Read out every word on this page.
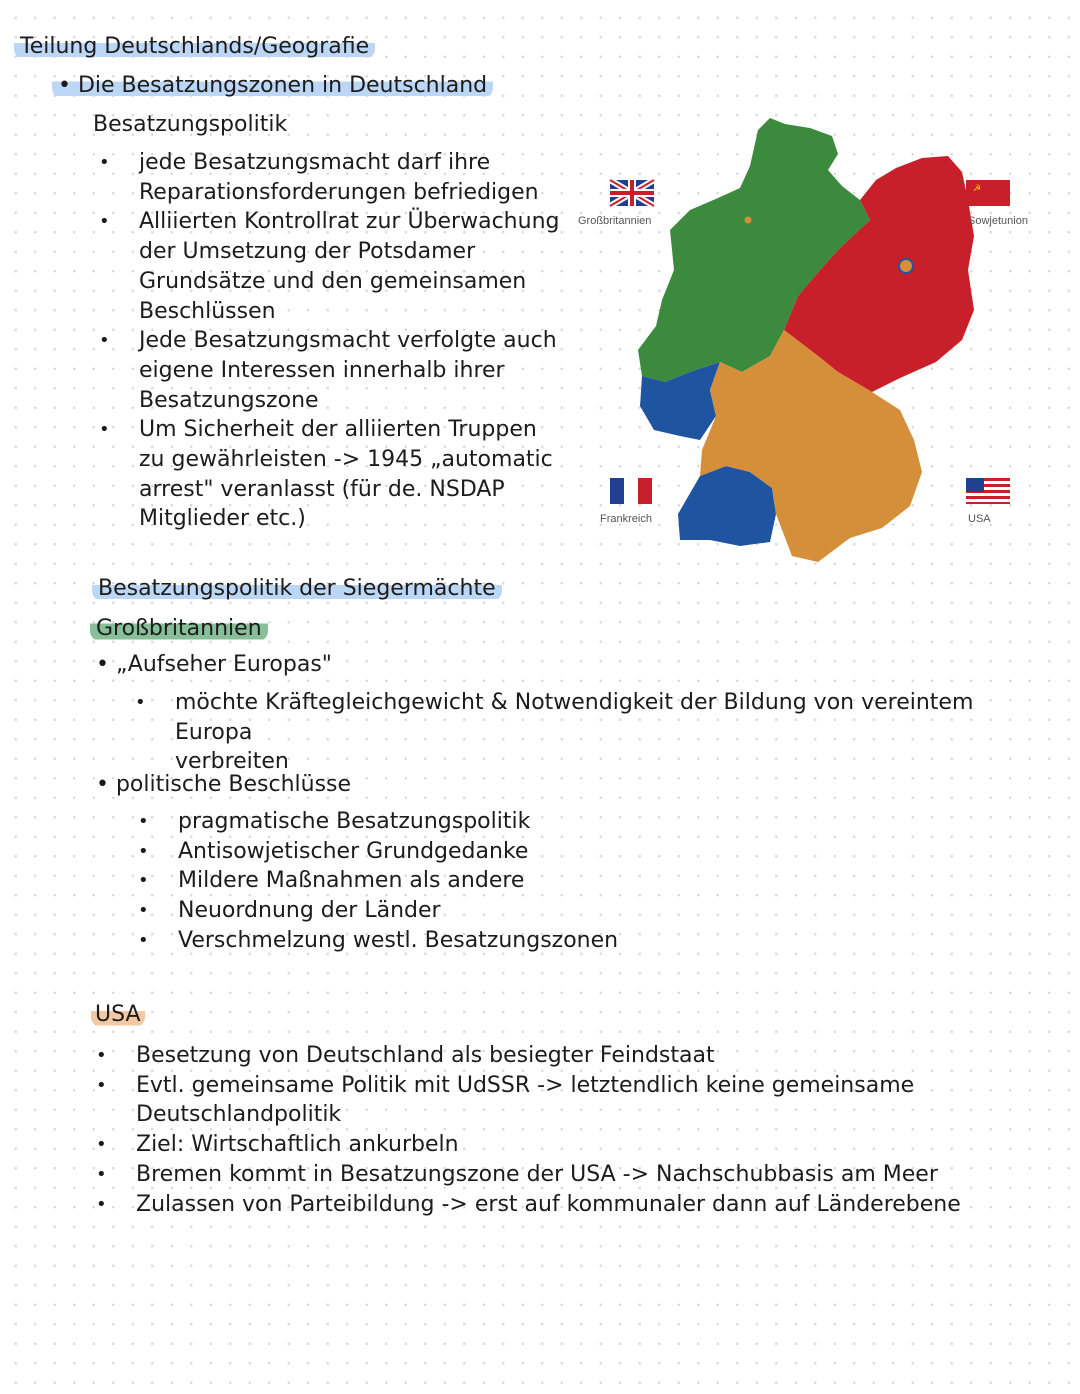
Teilung Deutschlands/Geografie
• Die Besatzungszonen in Deutschland
Besatzungspolitik
• jede Besatzungsmacht darf ihre
Reparationsforderungen befriedigen
• Alliierten Kontrollrat zur Überwachung
der Umsetzung der Potsdamer
Grundsätze und den gemeinsamen
Beschlüssen
• Jede Besatzungsmacht verfolgte auch
eigene Interessen innerhalb ihrer
Besatzungszone
• Um Sicherheit der alliierten Truppen
zu gewährleisten -> 1945 „automatic
arrest" veranlasst (für de. NSDAP
Mitglieder etc.)
Großbritannien
☭
Sowjetunion
Frankreich	USA
Besatzungspolitik der Siegermächte
Großbritannien
• „Aufseher Europas"
• möchte Kräftegleichgewicht & Notwendigkeit der Bildung von vereintem Europa
verbreiten
• politische Beschlüsse
• pragmatische Besatzungspolitik
• Antisowjetischer Grundgedanke
• Mildere Maßnahmen als andere
• Neuordnung der Länder
• Verschmelzung westl. Besatzungszonen
USA
• Besetzung von Deutschland als besiegter Feindstaat
• Evtl. gemeinsame Politik mit UdSSR -> letztendlich keine gemeinsame
Deutschlandpolitik
• Ziel: Wirtschaftlich ankurbeln
• Bremen kommt in Besatzungszone der USA -> Nachschubbasis am Meer
• Zulassen von Parteibildung -> erst auf kommunaler dann auf Länderebene
